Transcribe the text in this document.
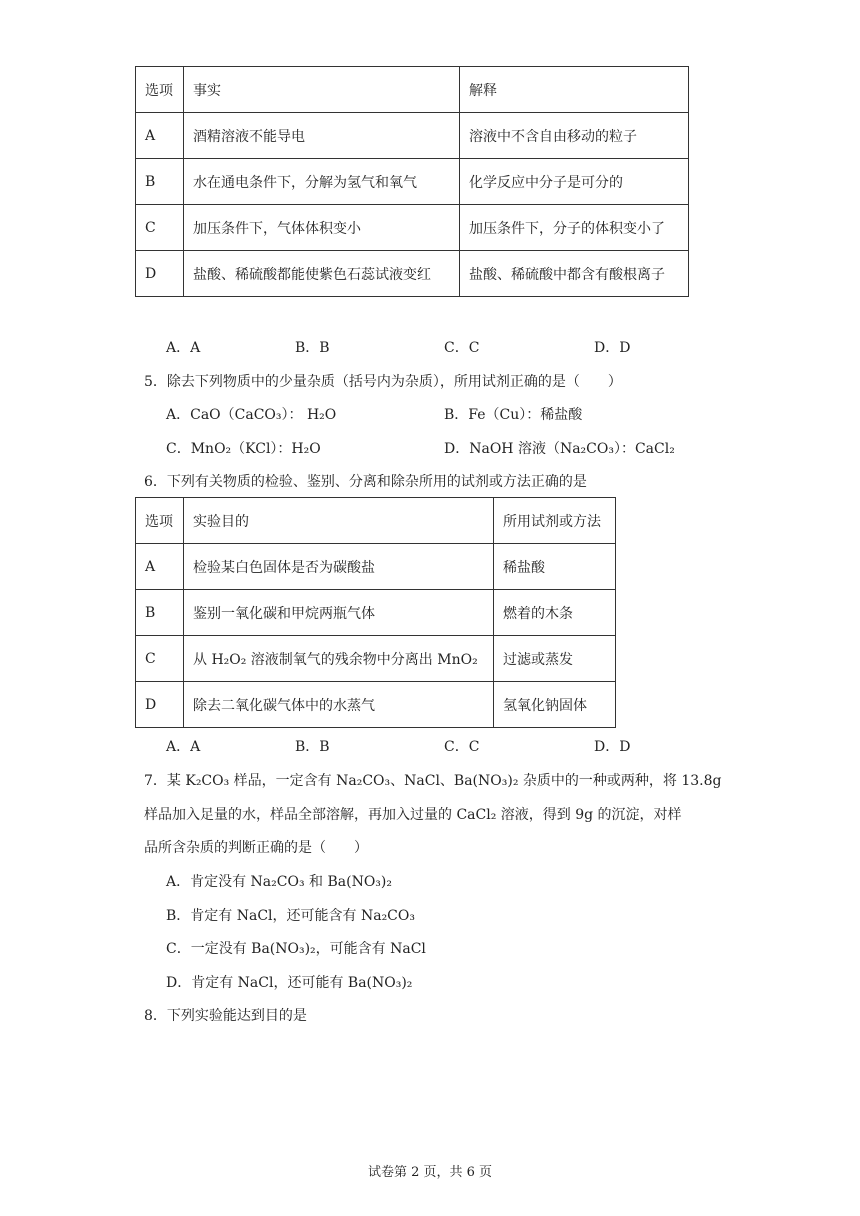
选项	事实	解释
A	酒精溶液不能导电	溶液中不含自由移动的粒子
B	水在通电条件下，分解为氢气和氧气	化学反应中分子是可分的
C	加压条件下，气体体积变小	加压条件下，分子的体积变小了
D	盐酸、稀硫酸都能使紫色石蕊试液变红	盐酸、稀硫酸中都含有酸根离子
A．A	B．B	C．C	D．D
5．除去下列物质中的少量杂质（括号内为杂质），所用试剂正确的是（　　）
A．CaO（CaCO₃）： H₂O	B．Fe（Cu）：稀盐酸
C．MnO₂（KCl）：H₂O	D．NaOH 溶液（Na₂CO₃）：CaCl₂
6．下列有关物质的检验、鉴别、分离和除杂所用的试剂或方法正确的是
选项	实验目的	所用试剂或方法
A	检验某白色固体是否为碳酸盐	稀盐酸
B	鉴别一氧化碳和甲烷两瓶气体	燃着的木条
C	从 H₂O₂ 溶液制氧气的残余物中分离出 MnO₂	过滤或蒸发
D	除去二氧化碳气体中的水蒸气	氢氧化钠固体
A．A	B．B	C．C	D．D
7．某 K₂CO₃ 样品，一定含有 Na₂CO₃、NaCl、Ba(NO₃)₂ 杂质中的一种或两种，将 13.8g
样品加入足量的水，样品全部溶解，再加入过量的 CaCl₂ 溶液，得到 9g 的沉淀，对样
品所含杂质的判断正确的是（　　）
A．肯定没有 Na₂CO₃ 和 Ba(NO₃)₂
B．肯定有 NaCl，还可能含有 Na₂CO₃
C．一定没有 Ba(NO₃)₂，可能含有 NaCl
D．肯定有 NaCl，还可能有 Ba(NO₃)₂
8．下列实验能达到目的是
试卷第 2 页，共 6 页
